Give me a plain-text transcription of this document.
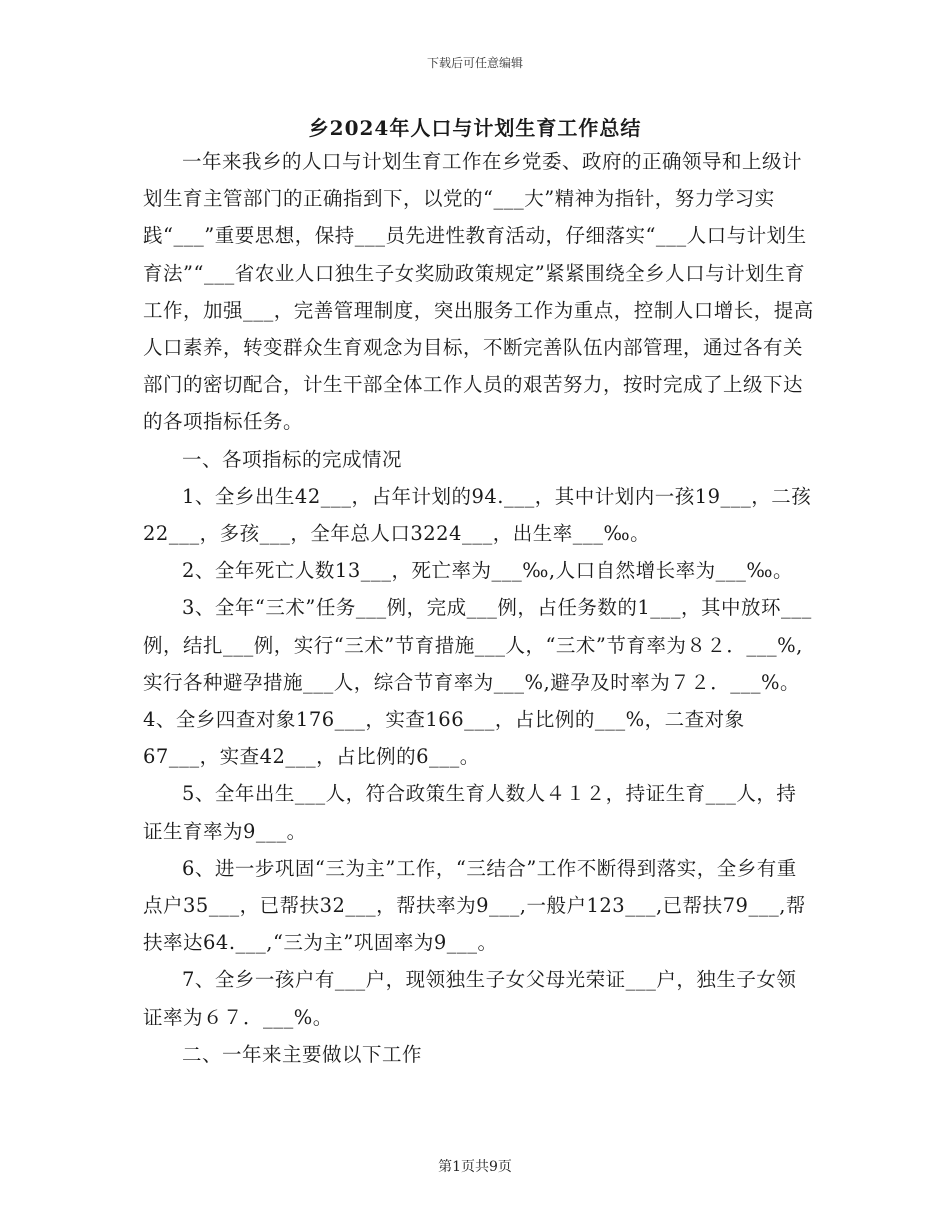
下载后可任意编辑
乡2024年人口与计划生育工作总结

一年来我乡的人口与计划生育工作在乡党委、政府的正确领导和上级计划生育主管部门的正确指到下，以党的“___大”精神为指针，努力学习实践“___”重要思想，保持___员先进性教育活动，仔细落实“___人口与计划生育法”“___省农业人口独生子女奖励政策规定”紧紧围绕全乡人口与计划生育工作，加强___，完善管理制度，突出服务工作为重点，控制人口增长，提高人口素养，转变群众生育观念为目标，不断完善队伍内部管理，通过各有关部门的密切配合，计生干部全体工作人员的艰苦努力，按时完成了上级下达的各项指标任务。

一、各项指标的完成情况

1、全乡出生42___，占年计划的94.___，其中计划内一孩19___，二孩22___，多孩___，全年总人口3224___，出生率___‰。

2、全年死亡人数13___，死亡率为___‰,人口自然增长率为___‰。

3、全年“三术”任务___例，完成___例，占任务数的1___，其中放环___例，结扎___例，实行“三术”节育措施___人，“三术”节育率为８２．___%,实行各种避孕措施___人，综合节育率为___%,避孕及时率为７２．___%。　4、全乡四查对象176___，实查166___，占比例的___%，二查对象67___，实查42___，占比例的6___。

5、全年出生___人，符合政策生育人数人４１２，持证生育___人，持证生育率为9___。

6、进一步巩固“三为主”工作，“三结合”工作不断得到落实，全乡有重点户35___，已帮扶32___，帮扶率为9___,一般户123___,已帮扶79___,帮扶率达64.___,“三为主”巩固率为9___。

7、全乡一孩户有___户，现领独生子女父母光荣证___户，独生子女领证率为６７．___%。

二、一年来主要做以下工作

第1页共9页
